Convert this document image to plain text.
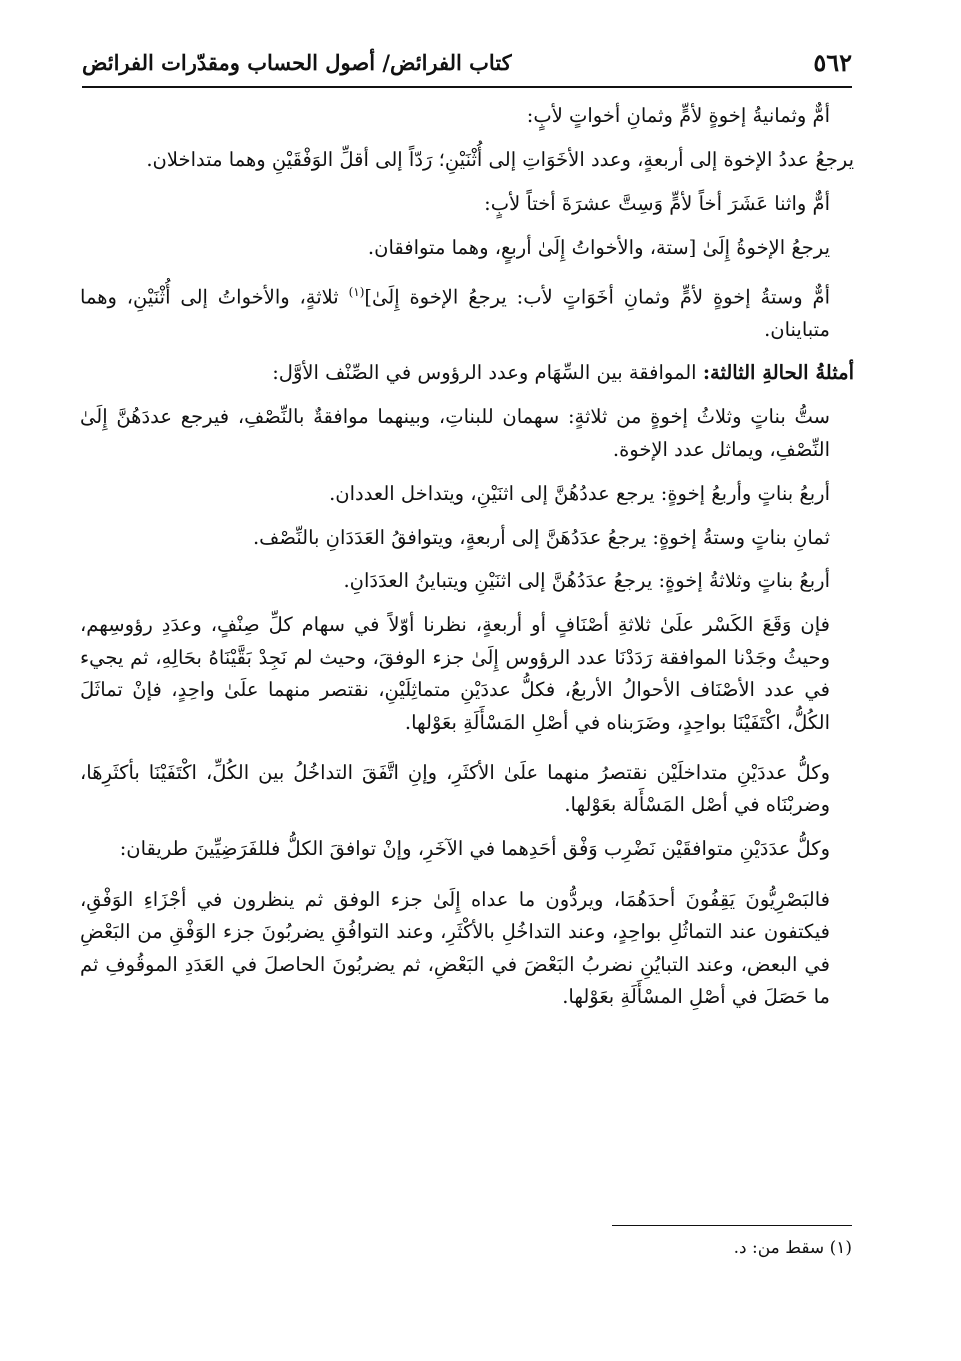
٥٦٢
كتاب الفرائض/ أصول الحساب ومقدّرات الفرائض

أمٌّ وثمانيةُ إخوةٍ لأمٍّ وثمانِ أخواتٍ لأبٍ:

يرجعُ عددُ الإخوة إلى أربعةٍ، وعدد الأخَوَاتِ إلى أُثْنَيْنِ؛ رَدّاً إلى أقلِّ الوَفْقَيْنِ وهما متداخلان.

أمٌّ واثنا عَشَرَ أخاً لأمٍّ وَسِتَّ عشرَةَ أختاً لأبٍ:

يرجعُ الإخوةُ إِلَىٰ [ستة، والأخواتُ إِلَىٰ أربعٍ، وهما متوافقان.

أمٌّ وستةُ إخوةٍ لأمٍّ وثمانِ أخَوَاتٍ لأب: يرجعُ الإخوة إِلَىٰ]$^{(١)}$ ثلاثةٍ، والأخواتُ إلى أُثْنَيْنِ، وهما متباينان.

أمثلةُ الحالةِ الثالثة: الموافقة بين السِّهَام وعدد الرؤوس في الصِّنْف الأوَّل:

ستُّ بناتٍ وثلاثُ إخوةٍ من ثلاثةٍ: سهمان للبناتِ، وبينهما موافقةٌ بالنِّصْفِ، فيرجع عددَهُنَّ إِلَىٰ النِّصْفِ، ويماثل عدد الإخوة.

أربعُ بناتٍ وأربعُ إخوةٍ: يرجع عددُهُنَّ إلى اثنَيْنِ، ويتداخل العددان.

ثمانِ بناتٍ وستةُ إخوةٍ: يرجعُ عدَدُهَنَّ إلى أربعةٍ، ويتوافقُ العَدَدَانِ بالنِّصْف.

أربعُ بناتٍ وثلاثةُ إخوةٍ: يرجعُ عدَدُهُنَّ إلى اثنَيْنِ ويتباينُ العدَدَانِ.

فإن وَقَعَ الكَسْر علَىٰ ثلاثةِ أصْنَافٍ أو أربعةٍ، نظرنا أوّلاً في سهام كلِّ صِنْفٍ، وعدَدِ رؤوسِهم، وحيثُ وجَدْنا الموافقة رَدَدْنَا عدد الرؤوس إِلَىٰ جزء الوفقَ، وحيث لم نَجِدْ بَقَّيْنَاهُ بحَالِهِ، ثم يجيء في عدد الأصْنَاف الأحوالُ الأربعُ، فكلُّ عددَيْنِ متماثِلَيْنِ، نقتصر منهما علَىٰ واحِدٍ، فإنْ تماثَلَ الكُلُّ، اكْتَفَيْنَا بواحِدٍ، وضَرَبناه في أصْلِ المَسْأَلَةِ بعَوْلها.

وكلُّ عددَيْنِ متداخلَيْن نقتصرُ منهما علَىٰ الأكثَرِ، وإنِ اتَّفَقَ التداخُلُ بين الكُلِّ، اكْتَفَيْنَا بأكثَرِهَا، وضربْنَاه في أصْل المَسْأَلة بعَوْلها.

وكلُّ عدَدَيْنِ متوافقَيْن نَضْرِب وَفْق أحَدِهما في الآخَرِ، وإنْ توافقَ الكلُّ فللفَرَضِيِّينَ طريقان:

فالبَصْرِيُّونَ يَقِفُونَ أحدَهُمَا، ويردُّون ما عداه إِلَىٰ جزء الوفق ثم ينظرون في أجْزَاءِ الوَفْقِ، فيكتفون عند التماثُلِ بواحِدٍ، وعند التداخُلِ بالأكْثَرِ، وعند التوافُقِ يضربُونَ جزء الوَفْقِ من البَعْضِ في البعض، وعند التبايُنِ نضربُ البَعْضَ في البَعْضِ، ثم يضربُونَ الحاصلَ في العَدَدِ الموقُوفِ ثم ما حَصَلَ في أصْلِ المسْأَلَةِ بعَوْلها.

(١) سقط من: د.
